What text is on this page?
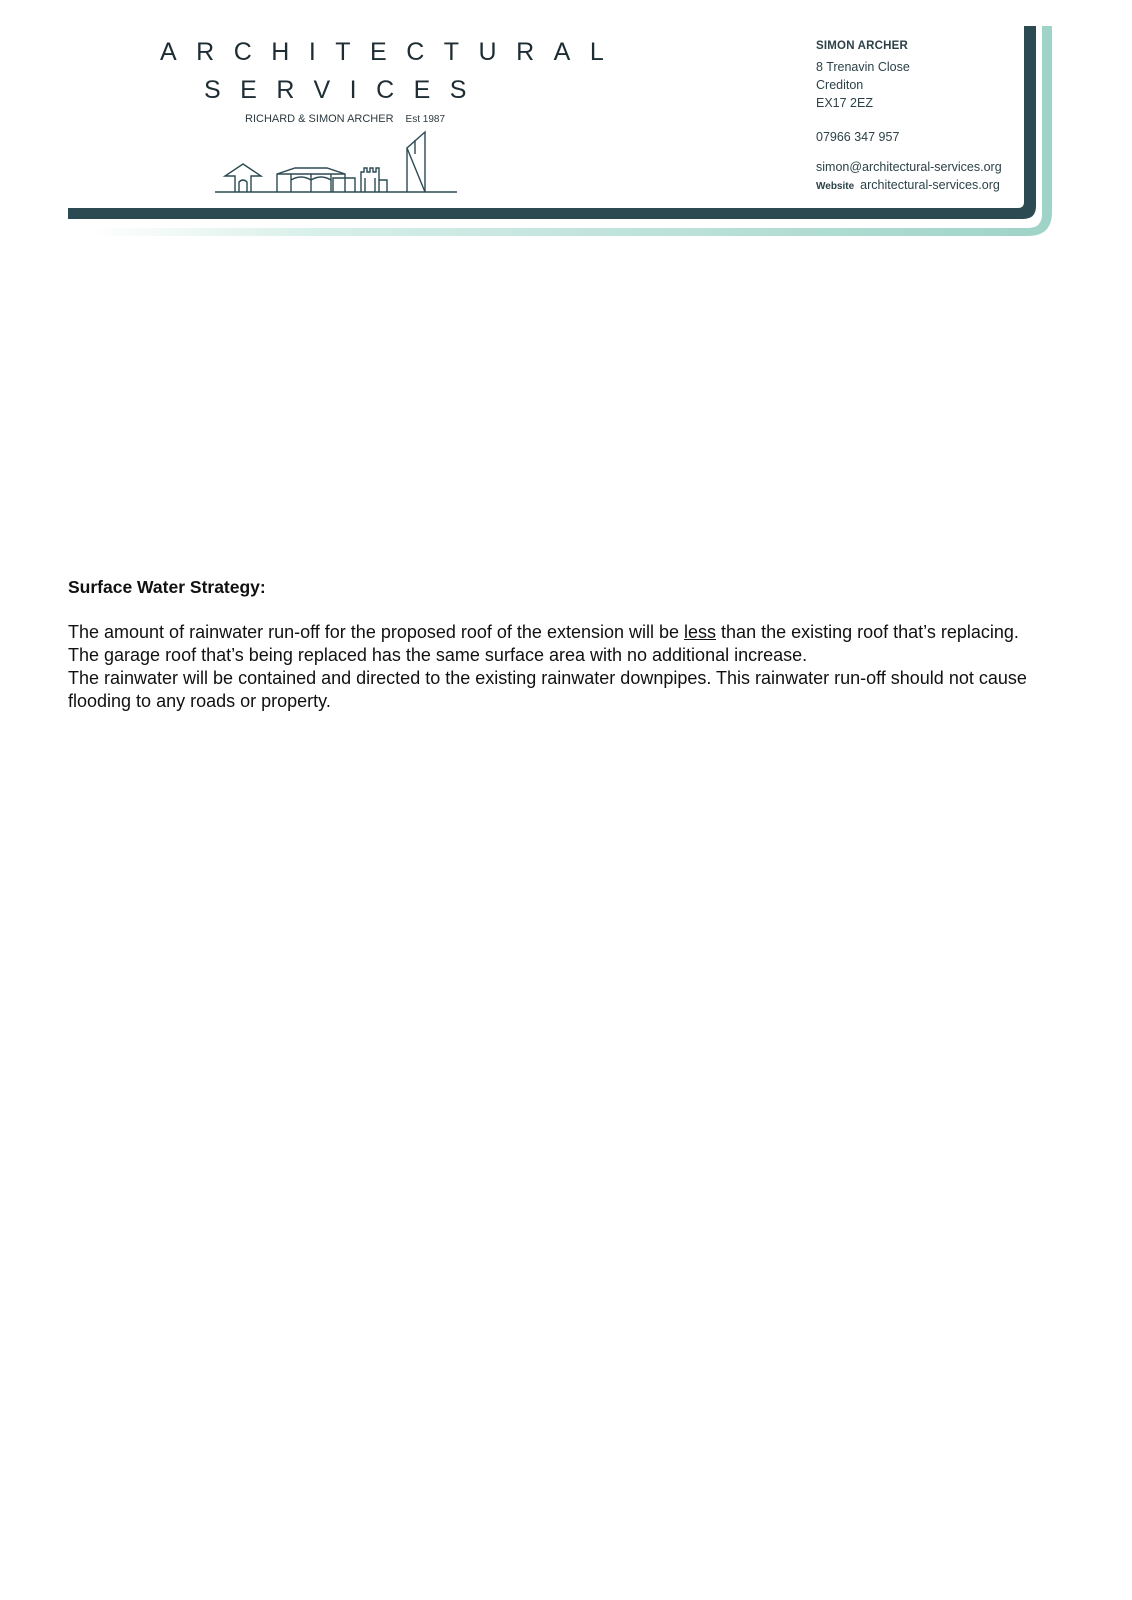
ARCHITECTURAL
SERVICES
RICHARD & SIMON ARCHER Est 1987
SIMON ARCHER
8 Trenavin Close
Crediton
EX17 2EZ
07966 347 957
simon@architectural-services.org
Website architectural-services.org

Surface Water Strategy:

The amount of rainwater run-off for the proposed roof of the extension will be less than the existing roof that’s replacing. The garage roof that’s being replaced has the same surface area with no additional increase.

The rainwater will be contained and directed to the existing rainwater downpipes. This rainwater run-off should not cause flooding to any roads or property.
